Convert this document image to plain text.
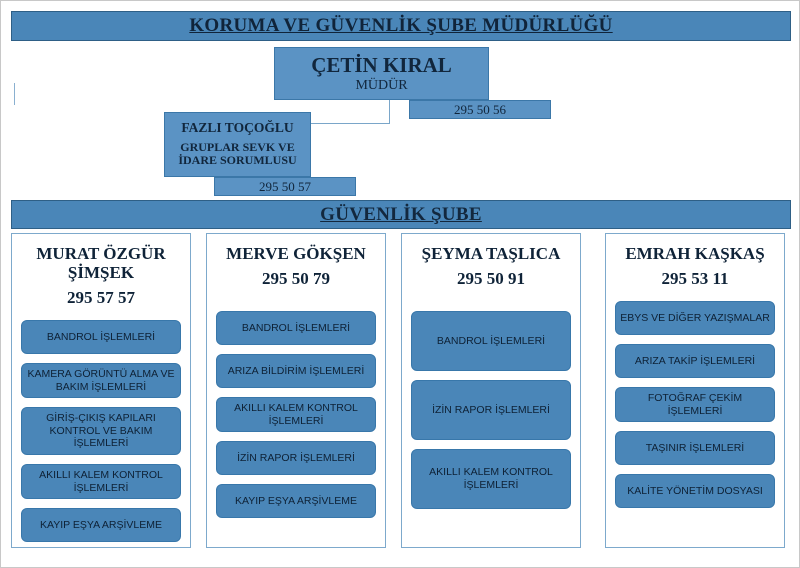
KORUMA VE GÜVENLİK ŞUBE MÜDÜRLÜĞÜ
ÇETİN KIRAL
MÜDÜR
295 50 56
FAZLI TOÇOĞLU
GRUPLAR SEVK VE
İDARE SORUMLUSU
295 50 57
GÜVENLİK ŞUBE
MURAT ÖZGÜR
ŞİMŞEK
295 57 57
BANDROL İŞLEMLERİ
KAMERA GÖRÜNTÜ ALMA VE BAKIM İŞLEMLERİ
GİRİŞ-ÇIKIŞ KAPILARI KONTROL VE BAKIM İŞLEMLERİ
AKILLI KALEM KONTROL İŞLEMLERİ
KAYIP EŞYA ARŞİVLEME
MERVE GÖKŞEN
295 50 79
BANDROL İŞLEMLERİ
ARIZA BİLDİRİM İŞLEMLERİ
AKILLI KALEM KONTROL İŞLEMLERİ
İZİN RAPOR İŞLEMLERİ
KAYIP EŞYA ARŞİVLEME
ŞEYMA TAŞLICA
295 50 91
BANDROL İŞLEMLERİ
İZİN RAPOR İŞLEMLERİ
AKILLI KALEM KONTROL İŞLEMLERİ
EMRAH KAŞKAŞ
295 53 11
EBYS VE DİĞER YAZIŞMALAR
ARIZA TAKİP İŞLEMLERİ
FOTOĞRAF ÇEKİM İŞLEMLERİ
TAŞINIR İŞLEMLERİ
KALİTE YÖNETİM DOSYASI
